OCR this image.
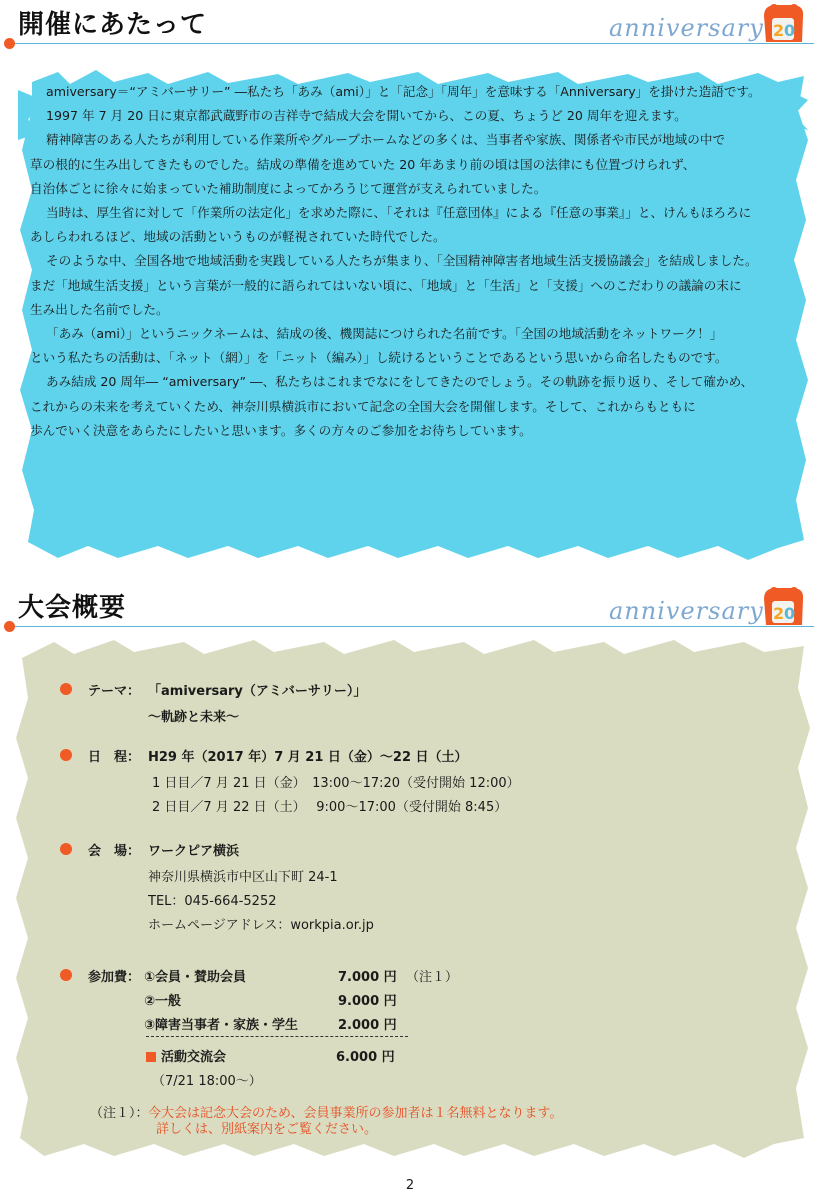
開催にあたって	anniversary 2 0

amiversary＝“アミバーサリー” ―私たち「あみ（ami）」と「記念」「周年」を意味する「Anniversary」を掛けた造語です。

1997 年 7 月 20 日に東京都武蔵野市の吉祥寺で結成大会を開いてから、この夏、ちょうど 20 周年を迎えます。

精神障害のある人たちが利用している作業所やグループホームなどの多くは、当事者や家族、関係者や市民が地域の中で

草の根的に生み出してきたものでした。結成の準備を進めていた 20 年あまり前の頃は国の法律にも位置づけられず、

自治体ごとに徐々に始まっていた補助制度によってかろうじて運営が支えられていました。

当時は、厚生省に対して「作業所の法定化」を求めた際に、「それは『任意団体』による『任意の事業』」と、けんもほろろに

あしらわれるほど、地域の活動というものが軽視されていた時代でした。

そのような中、全国各地で地域活動を実践している人たちが集まり、「全国精神障害者地域生活支援協議会」を結成しました。

まだ「地域生活支援」という言葉が一般的に語られてはいない頃に、「地域」と「生活」と「支援」へのこだわりの議論の末に

生み出した名前でした。

「あみ（ami）」というニックネームは、結成の後、機関誌につけられた名前です。「全国の地域活動をネットワーク！」

という私たちの活動は、「ネット（網）」を「ニット（編み）」し続けるということであるという思いから命名したものです。

あみ結成 20 周年― “amiversary” ―、私たちはこれまでなにをしてきたのでしょう。その軌跡を振り返り、そして確かめ、

これからの未来を考えていくため、神奈川県横浜市において記念の全国大会を開催します。そして、これからもともに

歩んでいく決意をあらたにしたいと思います。多くの方々のご参加をお待ちしています。

大会概要	anniversary 2 0
テーマ： 「amiversary（アミバーサリー）」
～軌跡と未来～
日　程： H29 年（2017 年）7 月 21 日（金）～22 日（土）
1 日目／7 月 21 日（金）　13:00～17:20（受付開始 12:00）
2 日目／7 月 22 日（土）　 9:00～17:00（受付開始 8:45）
会　場： ワークピア横浜
神奈川県横浜市中区山下町 24-1
TEL：045-664-5252
ホームページアドレス：workpia.or.jp
参加費： ①会員・賛助会員	7.000 円 （注１）
②一般	9.000 円
③障害当事者・家族・学生	2.000 円
活動交流会	6.000 円
（7/21 18:00～）
（注１）： 今大会は記念大会のため、会員事業所の参加者は１名無料となります。
詳しくは、別紙案内をご覧ください。
2
